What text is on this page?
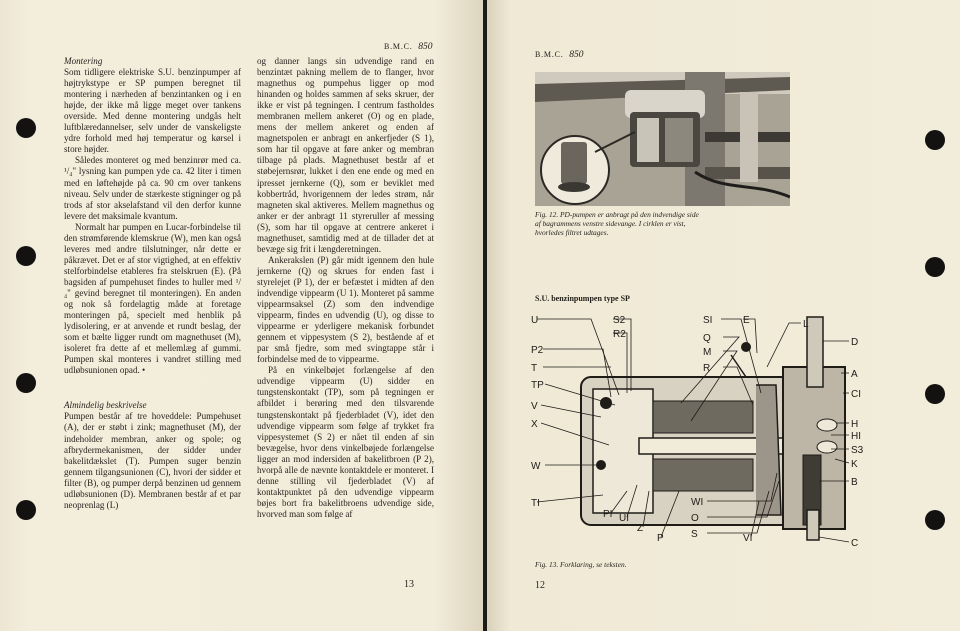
B.M.C. 850

Montering

Som tidligere elektriske S.U. benzinpumper af højtrykstype er SP pumpen beregnet til montering i nærheden af benzintanken og i en højde, der ikke må ligge meget over tankens overside. Med denne montering undgås helt luftblæredannelser, selv under de vanskeligste ydre forhold med høj temperatur og kørsel i store højder.

Således monteret og med benzinrør med ca. ¹/₄" lysning kan pumpen yde ca. 42 liter i timen med en løftehøjde på ca. 90 cm over tankens niveau. Selv under de stærkeste stigninger og på trods af stor akselafstand vil den derfor kunne levere det maksimale kvantum.

Normalt har pumpen en Lucar-forbindelse til den strømførende klemskrue (W), men kan også leveres med andre tilslutninger, når dette er påkrævet. Det er af stor vigtighed, at en effektiv stelforbindelse etableres fra stelskruen (E). (På bagsiden af pumpehuset findes to huller med ¹/₄" gevind beregnet til monteringen). En anden og nok så fordelagtig måde at foretage monteringen på, specielt med henblik på lydisolering, er at anvende et rundt beslag, der som et bælte ligger rundt om magnethuset (M), isoleret fra dette af et mellemlæg af gummi. Pumpen skal monteres i vandret stilling med udløbsunionen opad. •

Almindelig beskrivelse

Pumpen består af tre hoveddele: Pumpehuset (A), der er støbt i zink; magnethuset (M), der indeholder membran, anker og spole; og afbrydermekanismen, der sidder under bakelitdækslet (T). Pumpen suger benzin gennem tilgangsunionen (C), hvori der sidder et filter (B), og pumper derpå benzinen ud gennem udløbsunionen (D). Membranen består af et par neoprenlag (L)

og danner langs sin udvendige rand en benzintæt pakning mellem de to flanger, hvor magnethus og pumpehus ligger op mod hinanden og holdes sammen af seks skruer, der ikke er vist på tegningen. I centrum fastholdes membranen mellem ankeret (O) og en plade, mens der mellem ankeret og enden af magnetspolen er anbragt en ankerfjeder (S 1), som har til opgave at føre anker og membran tilbage på plads. Magnethuset består af et støbejernsrør, lukket i den ene ende og med en ipresset jernkerne (Q), som er beviklet med kobbertråd, hvorigennem der ledes strøm, når magneten skal aktiveres. Mellem magnethus og anker er der anbragt 11 styreruller af messing (S), som har til opgave at centrere ankeret i magnethuset, samtidig med at de tillader det at bevæge sig frit i længderetningen.

Ankerakslen (P) går midt igennem den hule jernkerne (Q) og skrues for enden fast i styrelejet (P 1), der er befæstet i midten af den indvendige vippearm (U 1). Monteret på samme vippearmsaksel (Z) som den indvendige vippearm, findes en udvendig (U), og disse to vippearme er yderligere mekanisk forbundet gennem et vippesystem (S 2), bestående af et par små fjedre, som med svingtappe står i forbindelse med de to vippearme.

På en vinkelbøjet forlængelse af den udvendige vippearm (U) sidder en tungstenskontakt (TP), som på tegningen er afbildet i berøring med den tilsvarende tungstenskontakt på fjederbladet (V), idet den udvendige vippearm som følge af trykket fra vippesystemet (S 2) er nået til enden af sin bevægelse, hvor dens vinkelbøjede forlængelse ligger an mod indersiden af bakelitbroen (P 2), hvorpå alle de nævnte kontaktdele er monteret. I denne stilling vil fjederbladet (V) af kontaktpunktet på den udvendige vippearm bøjes bort fra bakelitbroens udvendige side, hvorved man som følge af

13
B.M.C. 850
Fig. 12. PD-pumpen er anbragt på den indvendige side af bagrammens venstre sidevange. I cirklen er vist, hvorledes filtret udtages.
S.U. benzinpumpen type SP
U	S2
R2
P2
T
TP
V
X
W
TI
PI UI
Z
P
SI
Q
M
R
E	L
D
A
CI
H
HI
S3
K
B
WI
O
S	VI	C
Fig. 13. Forklaring, se teksten.
12
